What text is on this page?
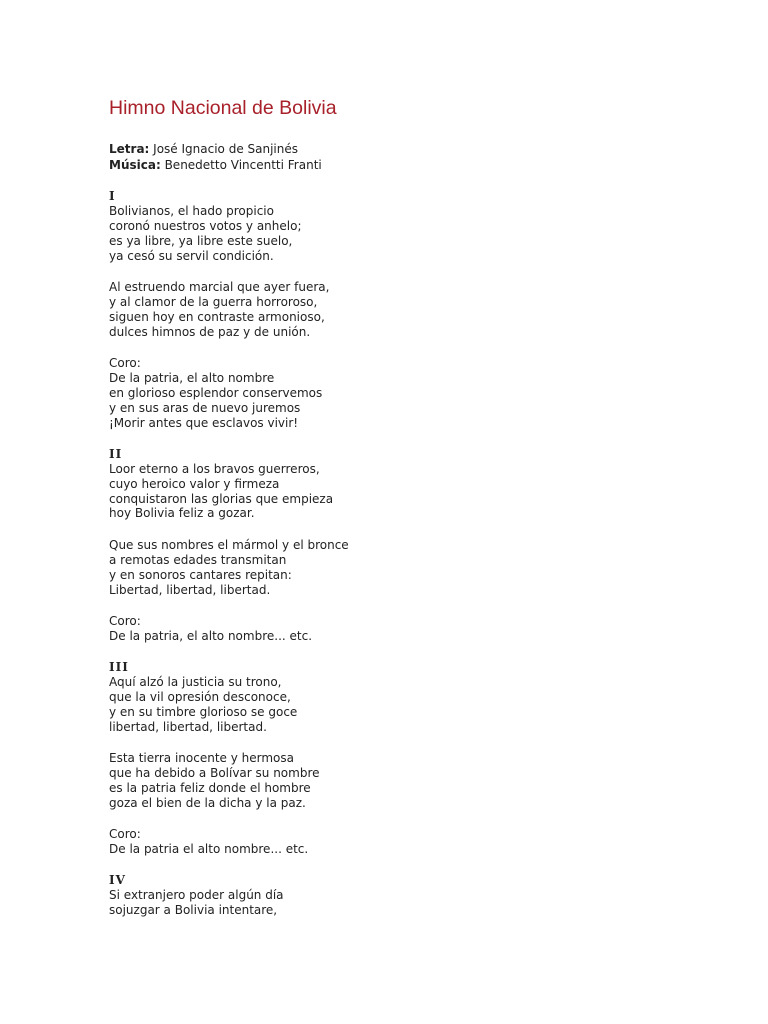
Himno Nacional de Bolivia
Letra: José Ignacio de Sanjinés
Música: Benedetto Vincentti Franti
I
Bolivianos, el hado propicio
coronó nuestros votos y anhelo;
es ya libre, ya libre este suelo,
ya cesó su servil condición.
Al estruendo marcial que ayer fuera,
y al clamor de la guerra horroroso,
siguen hoy en contraste armonioso,
dulces himnos de paz y de unión.
Coro:
De la patria, el alto nombre
en glorioso esplendor conservemos
y en sus aras de nuevo juremos
¡Morir antes que esclavos vivir!
II
Loor eterno a los bravos guerreros,
cuyo heroico valor y firmeza
conquistaron las glorias que empieza
hoy Bolivia feliz a gozar.
Que sus nombres el mármol y el bronce
a remotas edades transmitan
y en sonoros cantares repitan:
Libertad, libertad, libertad.
Coro:
De la patria, el alto nombre... etc.
III
Aquí alzó la justicia su trono,
que la vil opresión desconoce,
y en su timbre glorioso se goce
libertad, libertad, libertad.
Esta tierra inocente y hermosa
que ha debido a Bolívar su nombre
es la patria feliz donde el hombre
goza el bien de la dicha y la paz.
Coro:
De la patria el alto nombre... etc.
IV
Si extranjero poder algún día
sojuzgar a Bolivia intentare,
